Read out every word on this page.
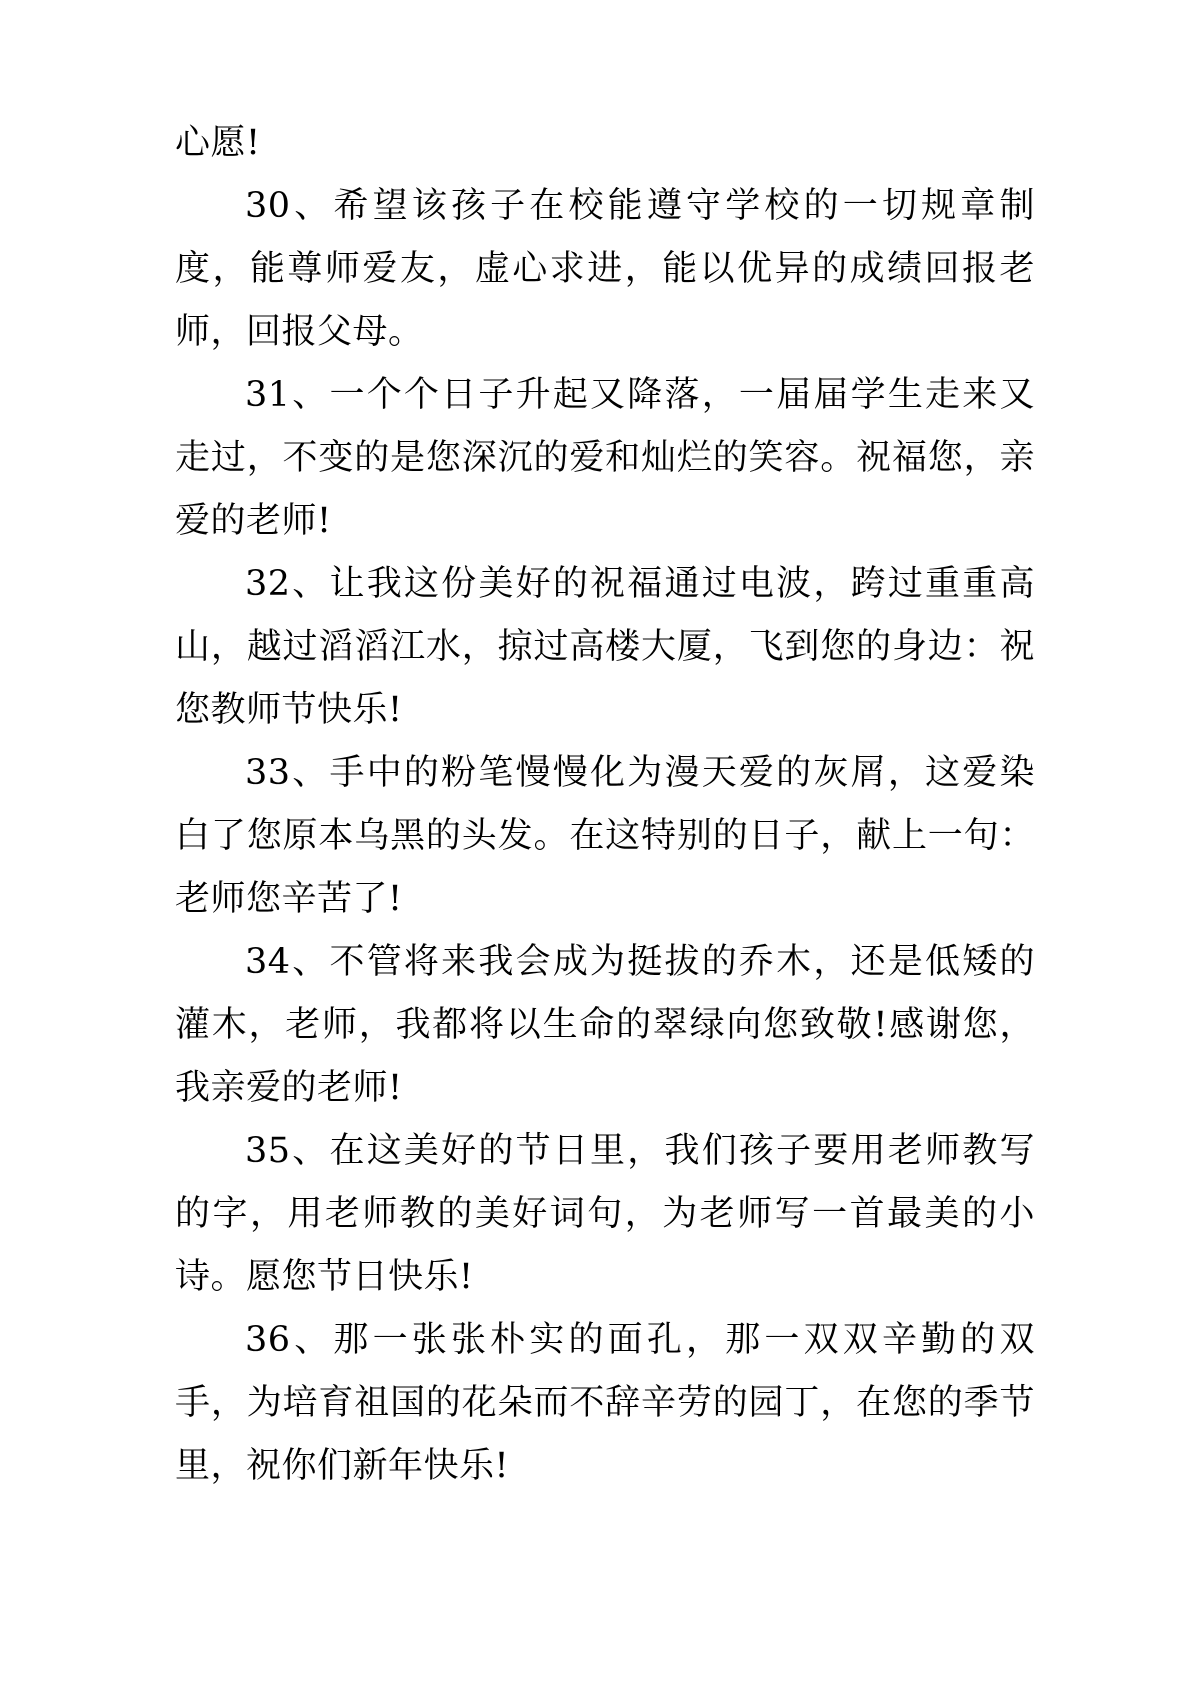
心愿!

30、希望该孩子在校能遵守学校的一切规章制度，能尊师爱友，虚心求进，能以优异的成绩回报老师，回报父母。

31、一个个日子升起又降落，一届届学生走来又走过，不变的是您深沉的爱和灿烂的笑容。祝福您，亲爱的老师!

32、让我这份美好的祝福通过电波，跨过重重高山，越过滔滔江水，掠过高楼大厦，飞到您的身边：祝您教师节快乐!

33、手中的粉笔慢慢化为漫天爱的灰屑，这爱染白了您原本乌黑的头发。在这特别的日子，献上一句：老师您辛苦了!

34、不管将来我会成为挺拔的乔木，还是低矮的灌木，老师，我都将以生命的翠绿向您致敬!感谢您，我亲爱的老师!

35、在这美好的节日里，我们孩子要用老师教写的字，用老师教的美好词句，为老师写一首最美的小诗。愿您节日快乐!

36、那一张张朴实的面孔，那一双双辛勤的双手，为培育祖国的花朵而不辞辛劳的园丁，在您的季节里，祝你们新年快乐!
